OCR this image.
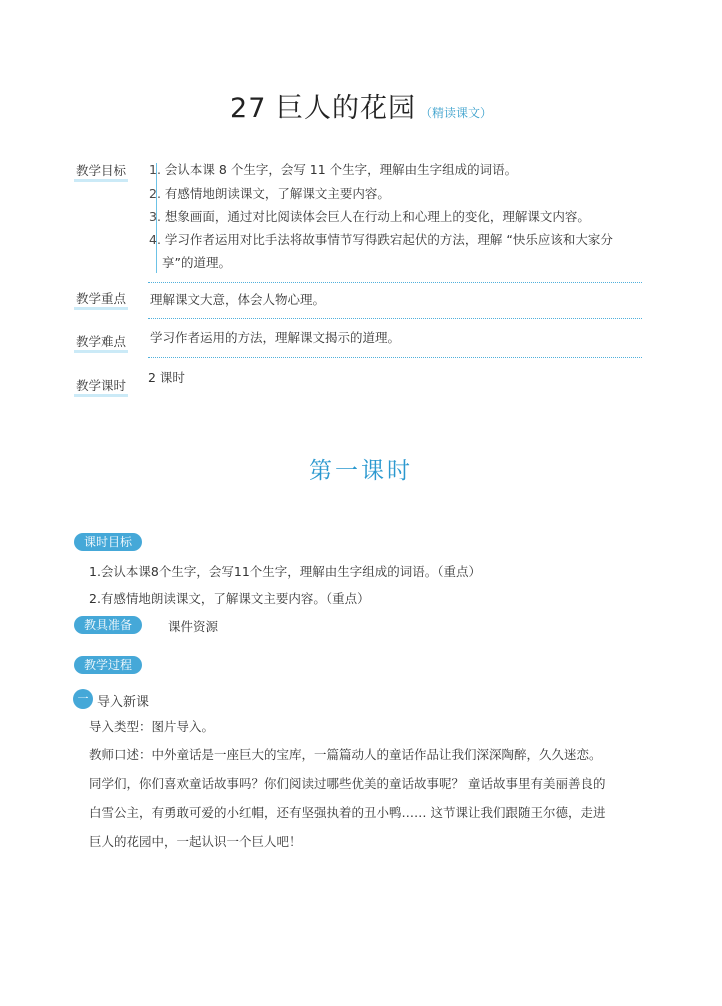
27 巨人的花园 （精读课文）
教学目标 1. 会认本课 8 个生字，会写 11 个生字，理解由生字组成的词语。
2. 有感情地朗读课文，了解课文主要内容。
3. 想象画面，通过对比阅读体会巨人在行动上和心理上的变化，理解课文内容。
4. 学习作者运用对比手法将故事情节写得跌宕起伏的方法，理解 “快乐应该和大家分
享”的道理。
教学重点 理解课文大意，体会人物心理。
教学难点 学习作者运用的方法，理解课文揭示的道理。
教学课时
2 课时
第一课时
课时目标
1.会认本课8个生字，会写11个生字，理解由生字组成的词语。（重点）
2.有感情地朗读课文，了解课文主要内容。（重点）
教具准备	课件资源
教学过程
一 导入新课
导入类型：图片导入。
教师口述：中外童话是一座巨大的宝库，一篇篇动人的童话作品让我们深深陶醉，久久迷恋。
同学们，你们喜欢童话故事吗？你们阅读过哪些优美的童话故事呢？ 童话故事里有美丽善良的
白雪公主，有勇敢可爱的小红帽，还有坚强执着的丑小鸭…… 这节课让我们跟随王尔德，走进
巨人的花园中，一起认识一个巨人吧！
